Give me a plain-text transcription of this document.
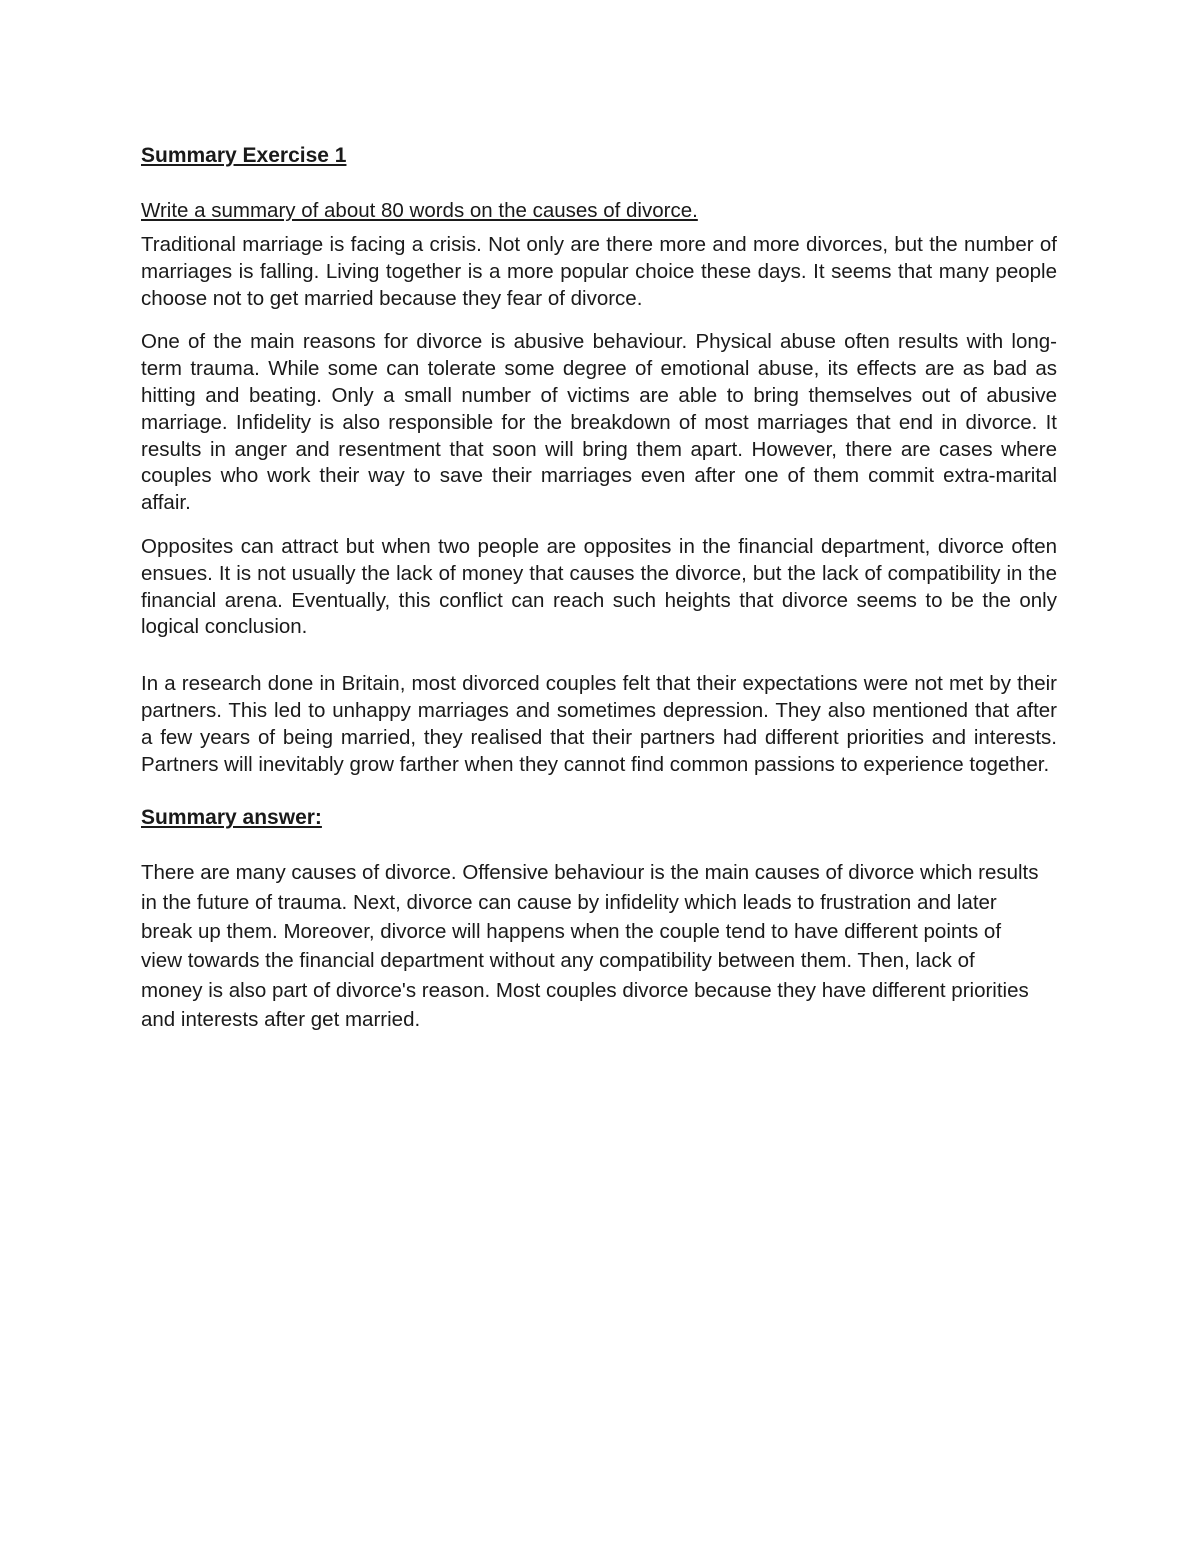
Summary Exercise 1
Write a summary of about 80 words on the causes of divorce.

Traditional marriage is facing a crisis. Not only are there more and more divorces, but the number of marriages is falling. Living together is a more popular choice these days. It seems that many people choose not to get married because they fear of divorce.

One of the main reasons for divorce is abusive behaviour. Physical abuse often results with long-term trauma. While some can tolerate some degree of emotional abuse, its effects are as bad as hitting and beating. Only a small number of victims are able to bring themselves out of abusive marriage. Infidelity is also responsible for the breakdown of most marriages that end in divorce. It results in anger and resentment that soon will bring them apart. However, there are cases where couples who work their way to save their marriages even after one of them commit extra-marital affair.

Opposites can attract but when two people are opposites in the financial department, divorce often ensues. It is not usually the lack of money that causes the divorce, but the lack of compatibility in the financial arena. Eventually, this conflict can reach such heights that divorce seems to be the only logical conclusion.

In a research done in Britain, most divorced couples felt that their expectations were not met by their partners. This led to unhappy marriages and sometimes depression. They also mentioned that after a few years of being married, they realised that their partners had different priorities and interests. Partners will inevitably grow farther when they cannot find common passions to experience together.

Summary answer:

There are many causes of divorce. Offensive behaviour is the main causes of divorce which results in the future of trauma. Next, divorce can cause by infidelity which leads to frustration and later break up them. Moreover, divorce will happens when the couple tend to have different points of view towards the financial department without any compatibility between them. Then, lack of money is also part of divorce's reason. Most couples divorce because they have different priorities and interests after get married.
